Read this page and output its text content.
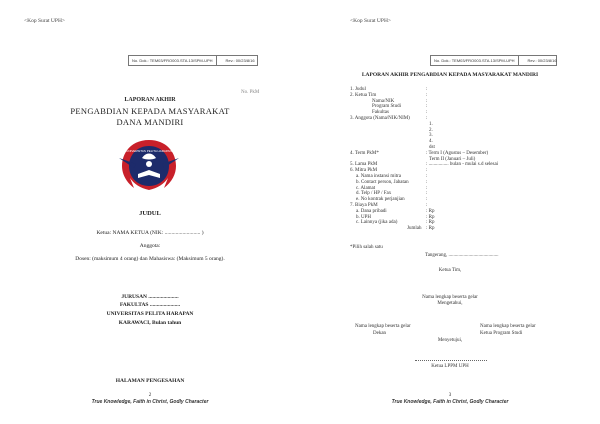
<Kop Surat UPH>
No. Dok.: TEM03/FRO003.STA.13/SPM-UPH	Rev.: 00/23/8/16
No. PkM
LAPORAN AKHIR
PENGABDIAN KEPADA MASYARAKAT
DANA MANDIRI
UNIVERSITAS PELITA HARAPAN
JUDUL
Ketua: NAMA KETUA (NIK: .......................... )
Anggota:
Dosen: (maksimum 4 orang) dan Mahasiswa: (Maksimum 5 orang).
JURUSAN ......................
FAKULTAS ......................
UNIVERSITAS PELITA HARAPAN
KARAWACI, Bulan tahun
HALAMAN PENGESAHAN
2
True Knowledge, Faith in Christ, Godly Character
<Kop Surat UPH>
No. Dok.: TEM03/FRO003.STA.13/SPM-UPH	Rev.: 00/23/8/16
LAPORAN AKHIR PENGABDIAN KEPADA MASYARAKAT MANDIRI
1. Judul	:
2. Ketua Tim	:
Nama/NIK	:
Program Studi	:
Fakultas	:
3. Anggota (Nama/NIK/NIM)	:
1.
2.
3.
4.
dst
4. Term PkM*	: Term I (Agustus – Desember)
Term II (Januari – Juli)
5. Lama PkM	: ................ bulan - mulai s.d selesai
6. Mitra PkM	:
a. Nama instansi mitra	:
b. Contact person, Jabatan	:
c. Alamat	:
d. Telp / HP / Fax	:
e. No kontrak perjanjian	:
7. Biaya PkM	:
a. Dana pribadi	: Rp
b. UPH	: Rp
c. Lainnya (jika ada)	: Rp
Jumlah : Rp
*Pilih salah satu
Tangerang, ........................................
Ketua Tim,
Nama lengkap beserta gelar
Mengetahui,
Nama lengkap beserta gelar
Dekan
Menyetujui,
Nama lengkap beserta gelar
Ketua Program Studi
Ketua LPPM UPH
3
True Knowledge, Faith in Christ, Godly Character
